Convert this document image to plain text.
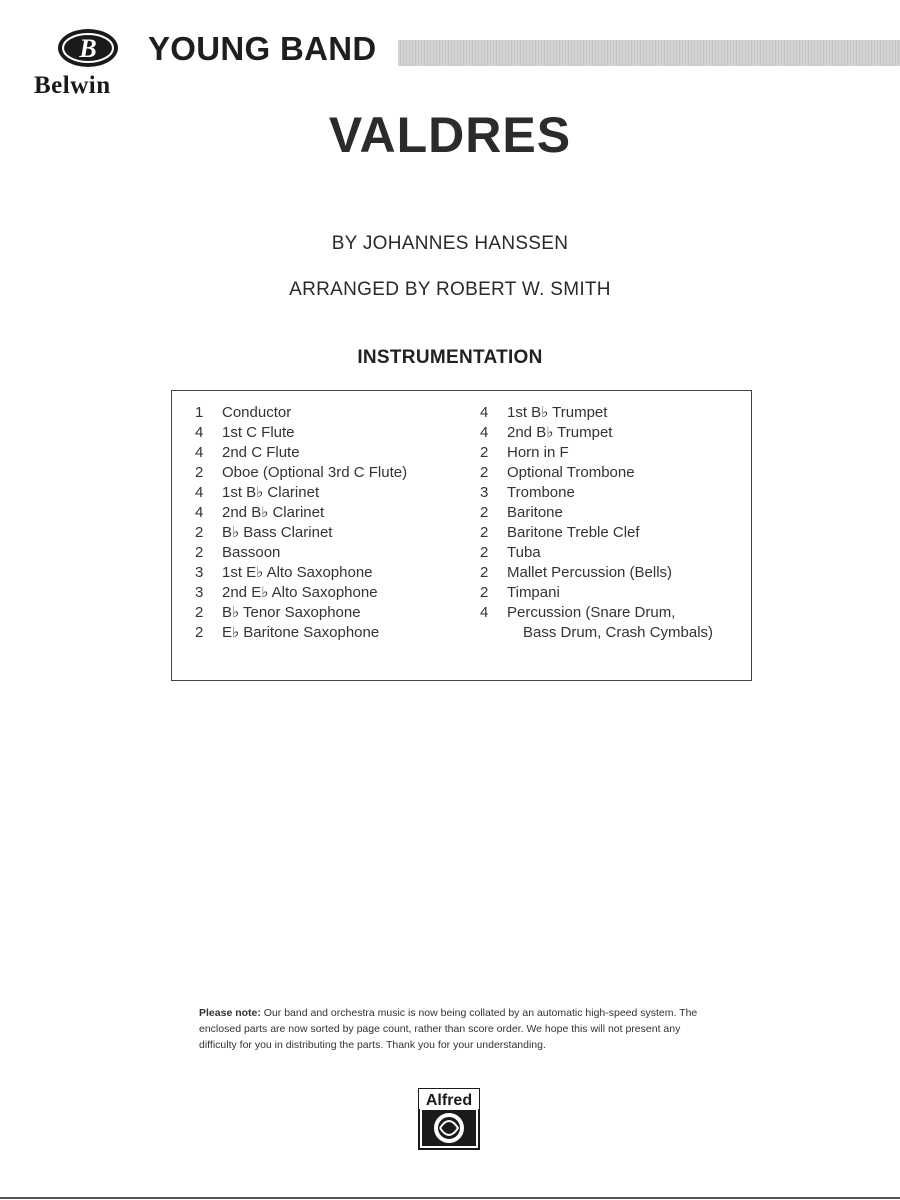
B
Belwin
YOUNG BAND
VALDRES
BY JOHANNES HANSSEN
ARRANGED BY ROBERT W. SMITH
INSTRUMENTATION
1	Conductor
4	1st C Flute
4	2nd C Flute
2	Oboe (Optional 3rd C Flute)
4	1st B♭ Clarinet
4	2nd B♭ Clarinet
2	B♭ Bass Clarinet
2	Bassoon
3	1st E♭ Alto Saxophone
3	2nd E♭ Alto Saxophone
2	B♭ Tenor Saxophone
2	E♭ Baritone Saxophone
4	1st B♭ Trumpet
4	2nd B♭ Trumpet
2	Horn in F
2	Optional Trombone
3	Trombone
2	Baritone
2	Baritone Treble Clef
2	Tuba
2	Mallet Percussion (Bells)
2	Timpani
4	Percussion (Snare Drum,
Bass Drum, Crash Cymbals)
Please note: Our band and orchestra music is now being collated by an automatic high-speed system. The enclosed parts are now sorted by page count, rather than score order. We hope this will not present any difficulty for you in distributing the parts. Thank you for your understanding.
Alfred
